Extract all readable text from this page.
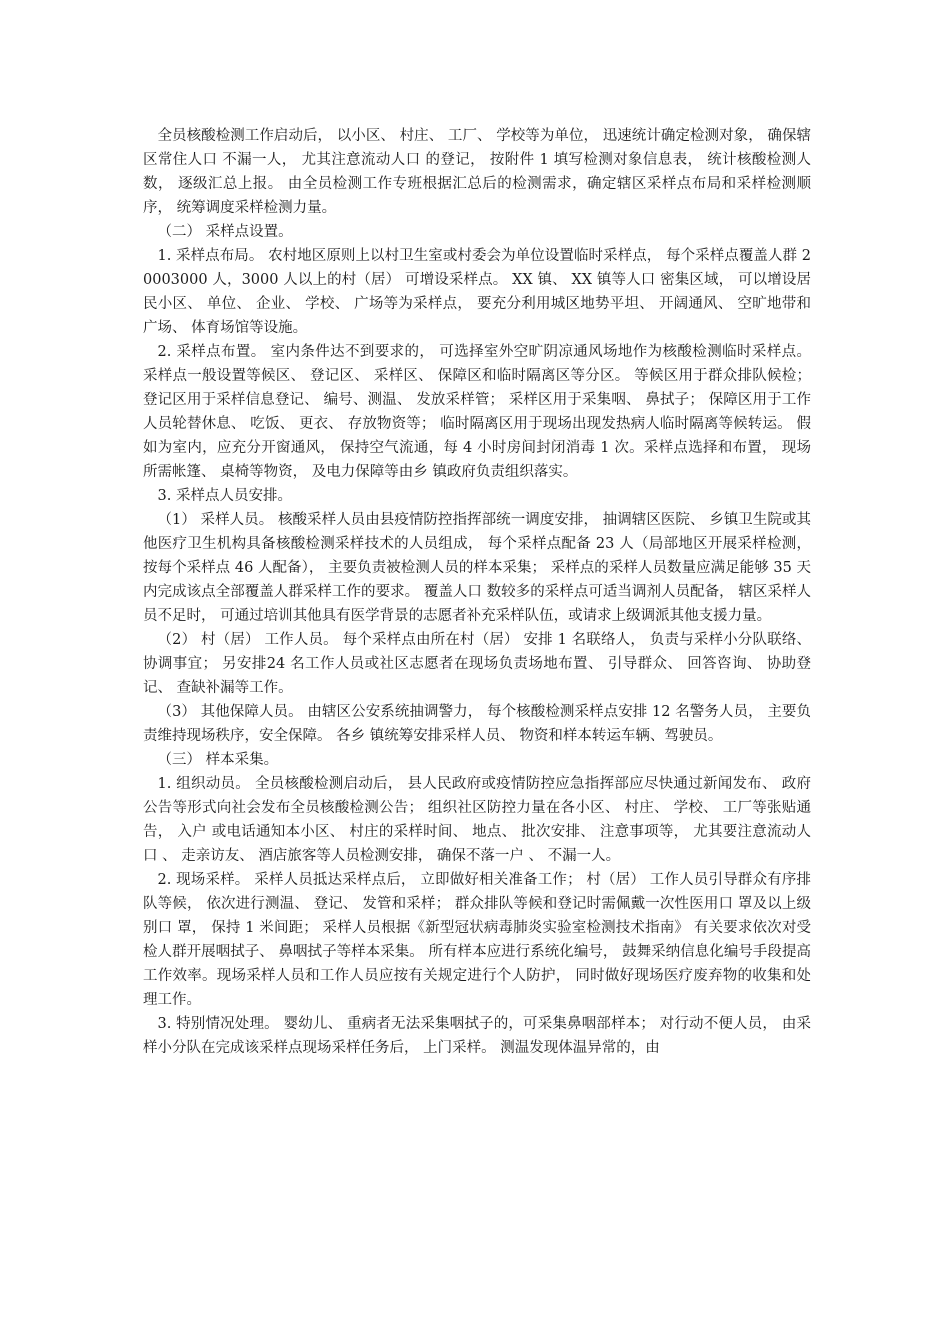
全员核酸检测工作启动后， 以小区、 村庄、 工厂、 学校等为单位， 迅速统计确定检测对象， 确保辖区常住人口 不漏一人， 尤其注意流动人口 的登记， 按附件 1 填写检测对象信息表， 统计核酸检测人数， 逐级汇总上报。 由全员检测工作专班根据汇总后的检测需求，确定辖区采样点布局和采样检测顺序， 统筹调度采样检测力量。

（二） 采样点设置。

1. 采样点布局。 农村地区原则上以村卫生室或村委会为单位设置临时采样点， 每个采样点覆盖人群 20003000 人，3000 人以上的村（居） 可增设采样点。 XX 镇、 XX 镇等人口 密集区域， 可以增设居民小区、 单位、 企业、 学校、 广场等为采样点， 要充分利用城区地势平坦、 开阔通风、 空旷地带和广场、 体育场馆等设施。

2. 采样点布置。 室内条件达不到要求的， 可选择室外空旷阴凉通风场地作为核酸检测临时采样点。 采样点一般设置等候区、 登记区、 采样区、 保障区和临时隔离区等分区。 等候区用于群众排队候检； 登记区用于采样信息登记、 编号、测温、 发放采样管； 采样区用于采集咽、 鼻拭子； 保障区用于工作人员轮替休息、 吃饭、 更衣、 存放物资等； 临时隔离区用于现场出现发热病人临时隔离等候转运。 假如为室内，应充分开窗通风， 保持空气流通，每 4 小时房间封闭消毒 1 次。采样点选择和布置， 现场所需帐篷、 桌椅等物资， 及电力保障等由乡 镇政府负责组织落实。

3. 采样点人员安排。

（1） 采样人员。 核酸采样人员由县疫情防控指挥部统一调度安排， 抽调辖区医院、 乡镇卫生院或其他医疗卫生机构具备核酸检测采样技术的人员组成， 每个采样点配备 23 人（局部地区开展采样检测， 按每个采样点 46 人配备）， 主要负责被检测人员的样本采集； 采样点的采样人员数量应满足能够 35 天内完成该点全部覆盖人群采样工作的要求。 覆盖人口 数较多的采样点可适当调剂人员配备， 辖区采样人员不足时， 可通过培训其他具有医学背景的志愿者补充采样队伍，或请求上级调派其他支援力量。

（2） 村（居） 工作人员。 每个采样点由所在村（居） 安排 1 名联络人， 负责与采样小分队联络、 协调事宜； 另安排24 名工作人员或社区志愿者在现场负责场地布置、 引导群众、 回答咨询、 协助登记、 查缺补漏等工作。

（3） 其他保障人员。 由辖区公安系统抽调警力， 每个核酸检测采样点安排 12 名警务人员， 主要负责维持现场秩序，安全保障。 各乡 镇统筹安排采样人员、 物资和样本转运车辆、驾驶员。

（三） 样本采集。

1. 组织动员。 全员核酸检测启动后， 县人民政府或疫情防控应急指挥部应尽快通过新闻发布、 政府公告等形式向社会发布全员核酸检测公告； 组织社区防控力量在各小区、 村庄、 学校、 工厂等张贴通告， 入户 或电话通知本小区、 村庄的采样时间、 地点、 批次安排、 注意事项等， 尤其要注意流动人口 、 走亲访友、 酒店旅客等人员检测安排， 确保不落一户 、 不漏一人。

2. 现场采样。 采样人员抵达采样点后， 立即做好相关准备工作； 村（居） 工作人员引导群众有序排队等候， 依次进行测温、 登记、 发管和采样； 群众排队等候和登记时需佩戴一次性医用口 罩及以上级别口 罩， 保持 1 米间距； 采样人员根据《新型冠状病毒肺炎实验室检测技术指南》 有关要求依次对受检人群开展咽拭子、 鼻咽拭子等样本采集。 所有样本应进行系统化编号， 鼓舞采纳信息化编号手段提高工作效率。现场采样人员和工作人员应按有关规定进行个人防护， 同时做好现场医疗废弃物的收集和处理工作。

3. 特别情况处理。 婴幼儿、 重病者无法采集咽拭子的，可采集鼻咽部样本； 对行动不便人员， 由采样小分队在完成该采样点现场采样任务后， 上门采样。 测温发现体温异常的，由
